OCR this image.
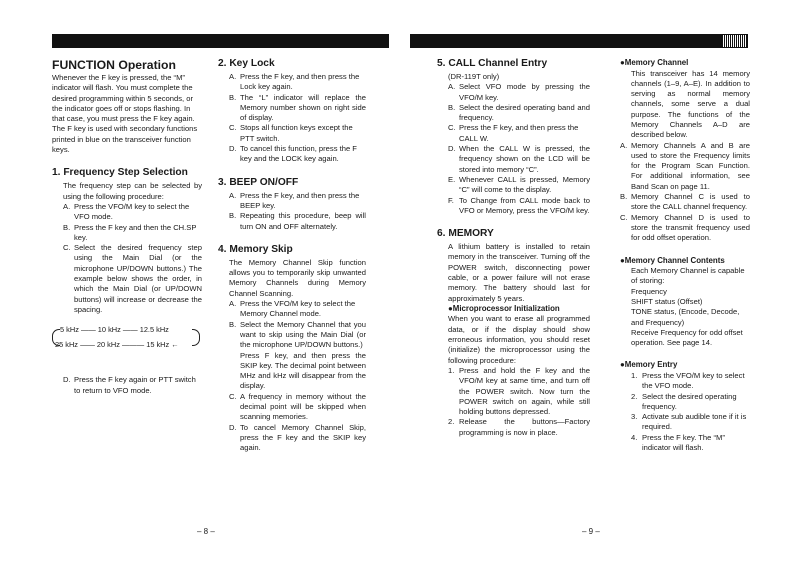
FUNCTION Operation

Whenever the F key is pressed, the “M” indicator will flash. You must complete the desired programming within 5 seconds, or the indicator goes off or stops flashing. In that case, you must press the F key again.

The F key is used with secondary functions printed in blue on the transceiver function keys.

1. Frequency Step Selection

The frequency step can be selected by using the following procedure:

A. Press the VFO/M key to select the VFO mode.
B. Press the F key and then the CH.SP key.
C. Select the desired frequency step using the Main Dial (or the microphone UP/DOWN buttons.) The example below shows the order, in which the Main Dial (or UP/DOWN buttons) will increase or decrease the spacing.
5 kHz —— 10 kHz —— 12.5 kHz
25 kHz —— 20 kHz ——— 15 kHz ←
D. Press the F key again or PTT switch to return to VFO mode.
2. Key Lock
A. Press the F key, and then press the Lock key again.
B. The “L” indicator will replace the Memory number shown on right side of display.
C. Stops all function keys except the PTT switch.
D. To cancel this function, press the F key and the LOCK key again.
3. BEEP ON/OFF
A. Press the F key, and then press the BEEP key.
B. Repeating this procedure, beep will turn ON and OFF alternately.
4. Memory Skip

The Memory Channel Skip function allows you to temporarily skip unwanted Memory Channels during Memory Channel Scanning.

A. Press the VFO/M key to select the Memory Channel mode.
B. Select the Memory Channel that you want to skip using the Main Dial (or the microphone UP/DOWN buttons.)
Press F key, and then press the SKIP key. The decimal point between MHz and kHz will disappear from the display.
C. A frequency in memory without the decimal point will be skipped when scanning memories.
D. To cancel Memory Channel Skip, press the F key and the SKIP key again.
5. CALL Channel Entry

(DR-119T only)

A. Select VFO mode by pressing the VFO/M key.
B. Select the desired operating band and frequency.
C. Press the F key, and then press the CALL W.
D. When the CALL W is pressed, the frequency shown on the LCD will be stored into memory “C”.
E. Whenever CALL is pressed, Memory “C” will come to the display.
F. To Change from CALL mode back to VFO or Memory, press the VFO/M key.
6. MEMORY

A lithium battery is installed to retain memory in the transceiver. Turning off the POWER switch, disconnecting power cable, or a power failure will not erase memory. The battery should last for approximately 5 years.

●Microprocessor Initialization

When you want to erase all programmed data, or if the display should show erroneous information, you should reset (initialize) the microprocessor using the following procedure:

1. Press and hold the F key and the VFO/M key at same time, and turn off the POWER switch. Now turn the POWER switch on again, while still holding buttons depressed.
2. Release the buttons—Factory programming is now in place.
●Memory Channel

This transceiver has 14 memory channels (1–9, A–E). In addition to serving as normal memory channels, some serve a dual purpose. The functions of the Memory Channels A–D are described below.

A. Memory Channels A and B are used to store the Frequency limits for the Program Scan Function. For additional information, see Band Scan on page 11.
B. Memory Channel C is used to store the CALL channel frequency.
C. Memory Channel D is used to store the transmit frequency used for odd offset operation.
●Memory Channel Contents

Each Memory Channel is capable of storing:

Frequency

SHIFT status (Offset)

TONE status, (Encode, Decode, and Frequency)

Receive Frequency for odd offset operation. See page 14.

●Memory Entry
1. Press the VFO/M key to select the VFO mode.
2. Select the desired operating frequency.
3. Activate sub audible tone if it is required.
4. Press the F key. The “M” indicator will flash.
– 8 –	– 9 –
